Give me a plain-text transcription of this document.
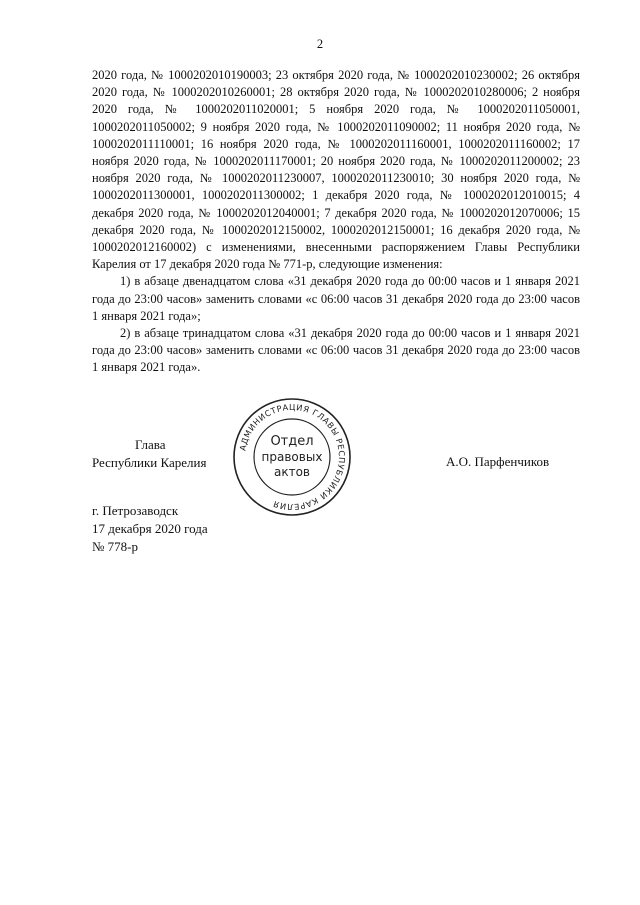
2

2020 года, № 1000202010190003; 23 октября 2020 года, № 1000202010230002; 26 октября 2020 года, № 1000202010260001; 28 октября 2020 года, № 1000202010280006; 2 ноября 2020 года, № 1000202011020001; 5 ноября 2020 года, № 1000202011050001, 1000202011050002; 9 ноября 2020 года, № 1000202011090002; 11 ноября 2020 года, № 1000202011110001; 16 ноября 2020 года, № 1000202011160001, 1000202011160002; 17 ноября 2020 года, № 1000202011170001; 20 ноября 2020 года, № 1000202011200002; 23 ноября 2020 года, № 1000202011230007, 1000202011230010; 30 ноября 2020 года, № 1000202011300001, 1000202011300002; 1 декабря 2020 года, № 1000202012010015; 4 декабря 2020 года, № 1000202012040001; 7 декабря 2020 года, № 1000202012070006; 15 декабря 2020 года, № 1000202012150002, 1000202012150001; 16 декабря 2020 года, № 1000202012160002) с изменениями, внесенными распоряжением Главы Республики Карелия от 17 декабря 2020 года № 771-р, следующие изменения:

1) в абзаце двенадцатом слова «31 декабря 2020 года до 00:00 часов и 1 января 2021 года до 23:00 часов» заменить словами «с 06:00 часов 31 декабря 2020 года до 23:00 часов 1 января 2021 года»;

2) в абзаце тринадцатом слова «31 декабря 2020 года до 00:00 часов и 1 января 2021 года до 23:00 часов» заменить словами «с 06:00 часов 31 декабря 2020 года до 23:00 часов 1 января 2021 года».

Глава
Республики Карелия
АДМИНИСТРАЦИЯ ГЛАВЫ РЕСПУБЛИКИ КАРЕЛИЯ
Отдел
правовых
актов
А.О. Парфенчиков
г. Петрозаводск
17 декабря 2020 года
№ 778-р
